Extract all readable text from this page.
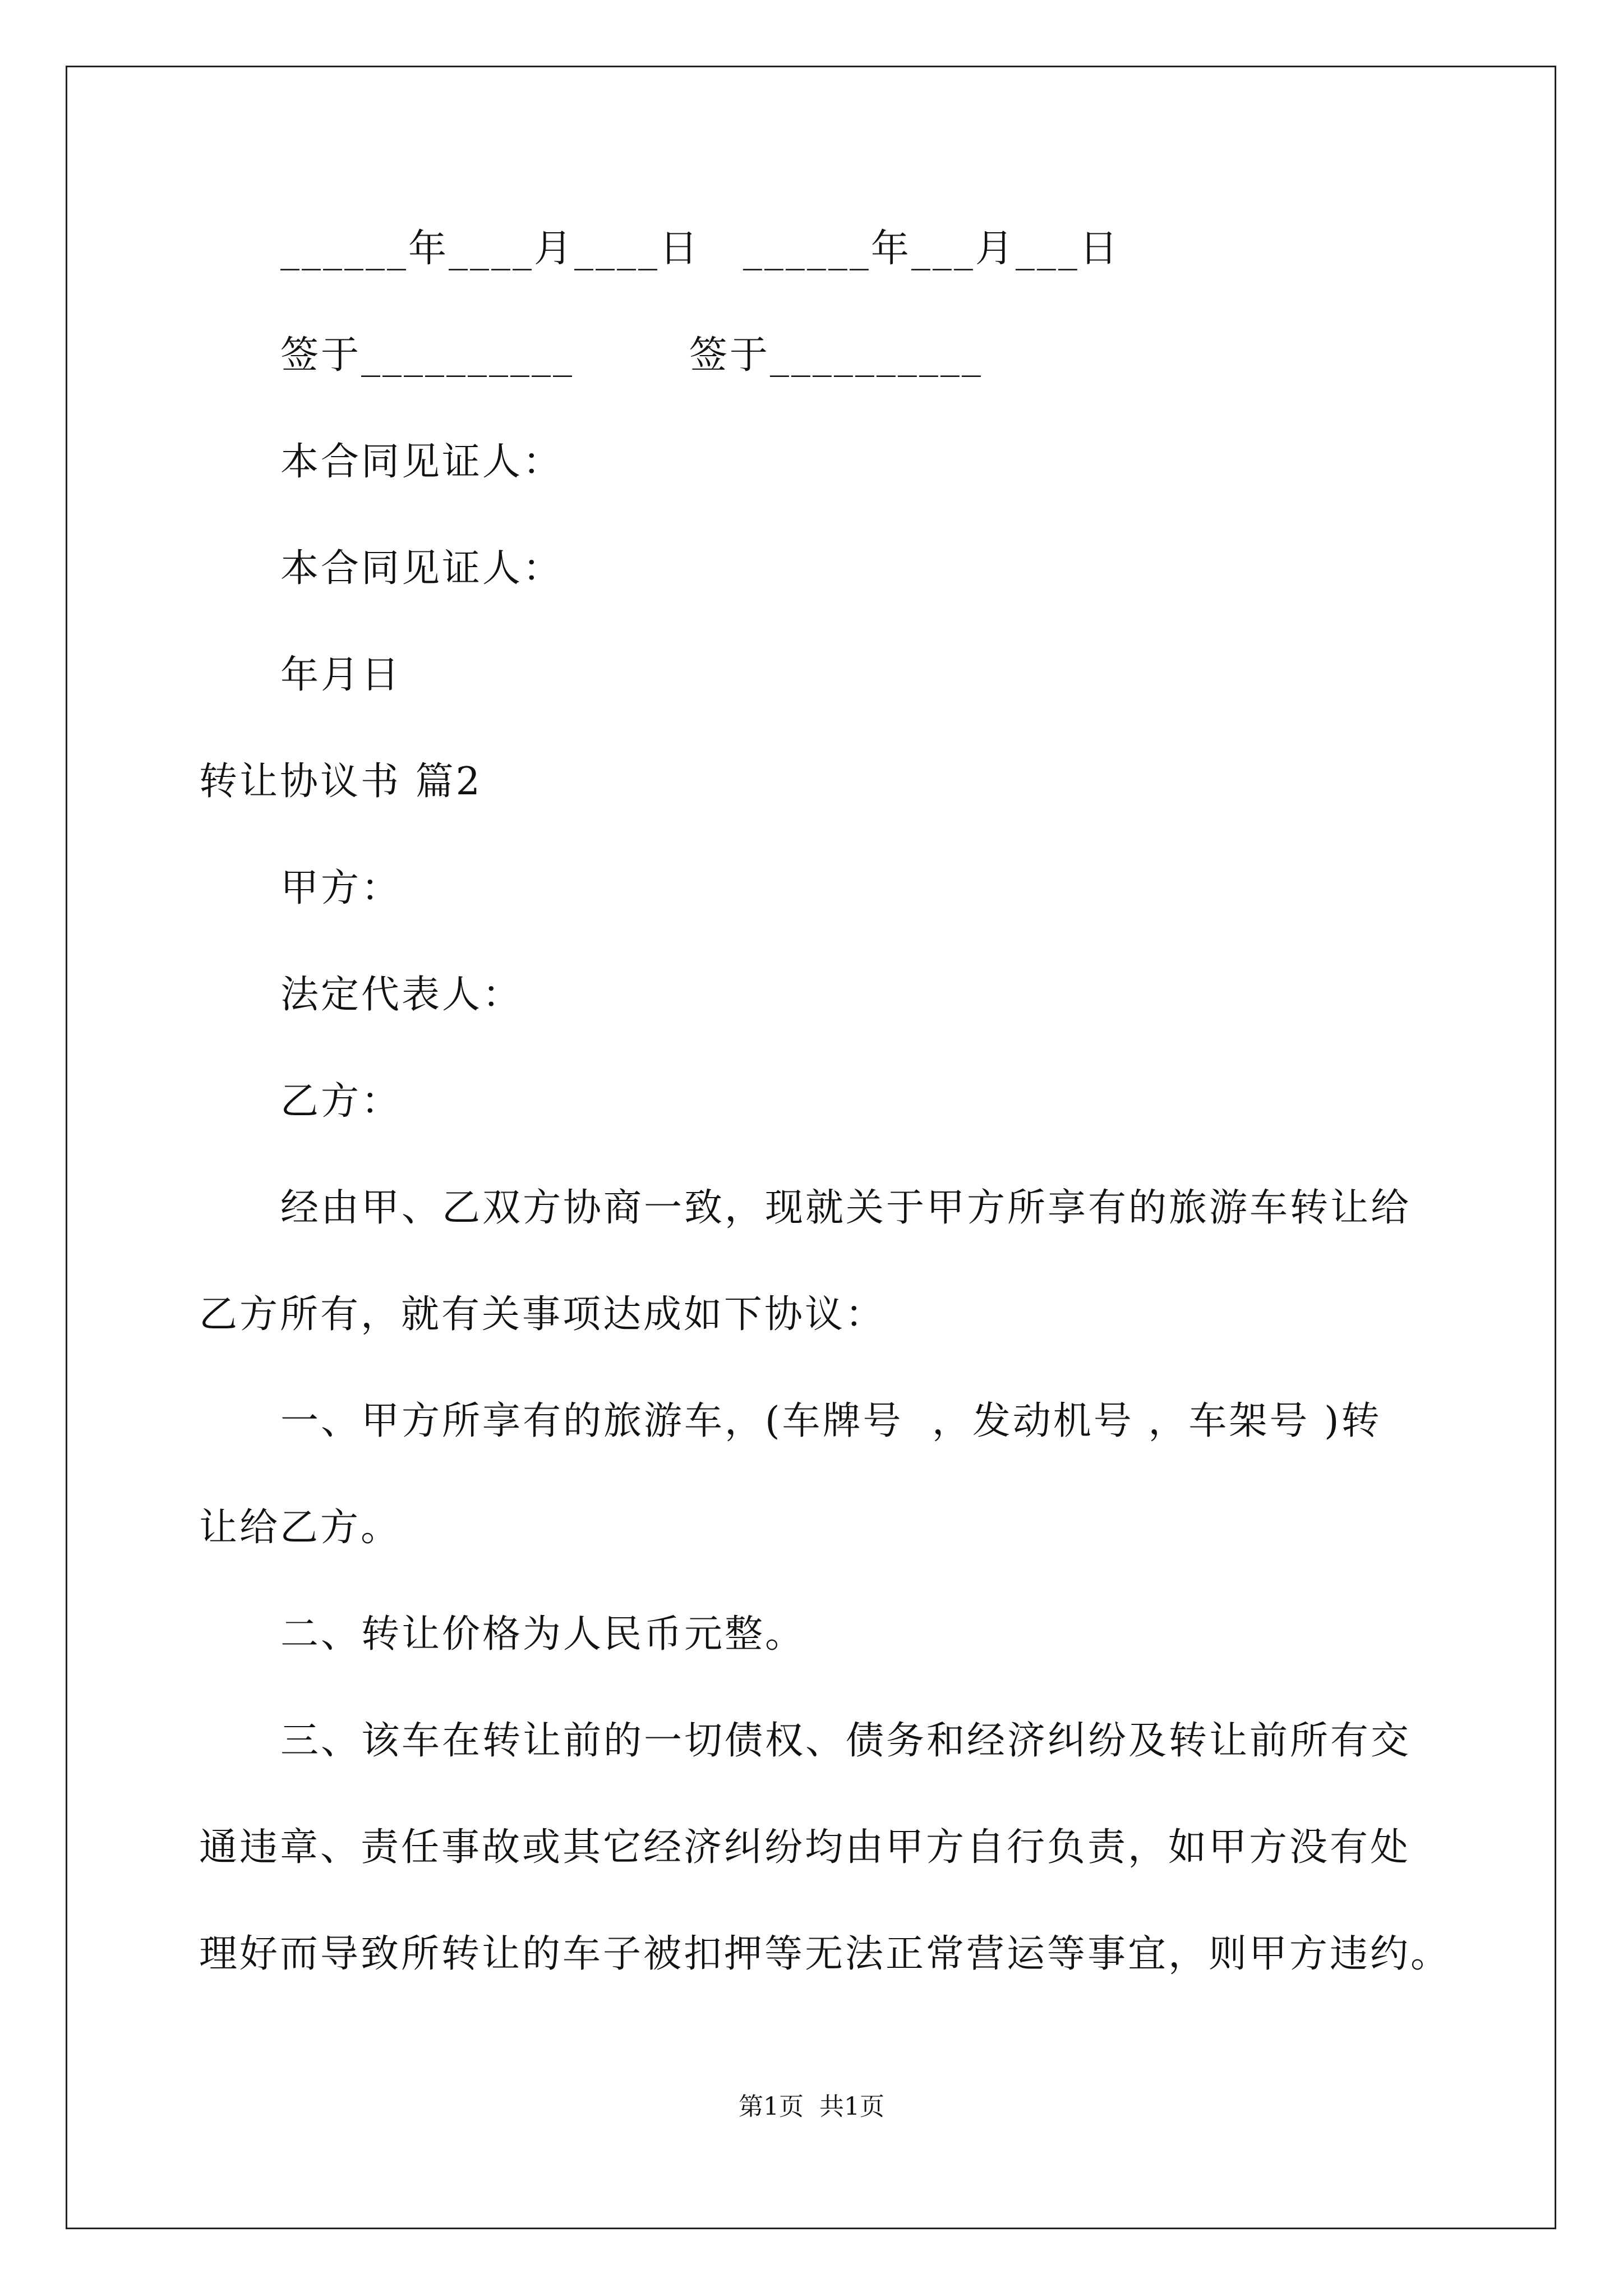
______年____月____日   ______年___月___日
签于__________        签于__________
本合同见证人：
本合同见证人：
年月日
转让协议书 篇2
甲方：
法定代表人：
乙方：
经由甲、乙双方协商一致，现就关于甲方所享有的旅游车转让给
乙方所有，就有关事项达成如下协议：
一、甲方所享有的旅游车，(车牌号  ，发动机号 ，车架号 )转
让给乙方。
二、转让价格为人民币元整。
三、该车在转让前的一切债权、债务和经济纠纷及转让前所有交
通违章、责任事故或其它经济纠纷均由甲方自行负责，如甲方没有处
理好而导致所转让的车子被扣押等无法正常营运等事宜，则甲方违约。
第1页  共1页
